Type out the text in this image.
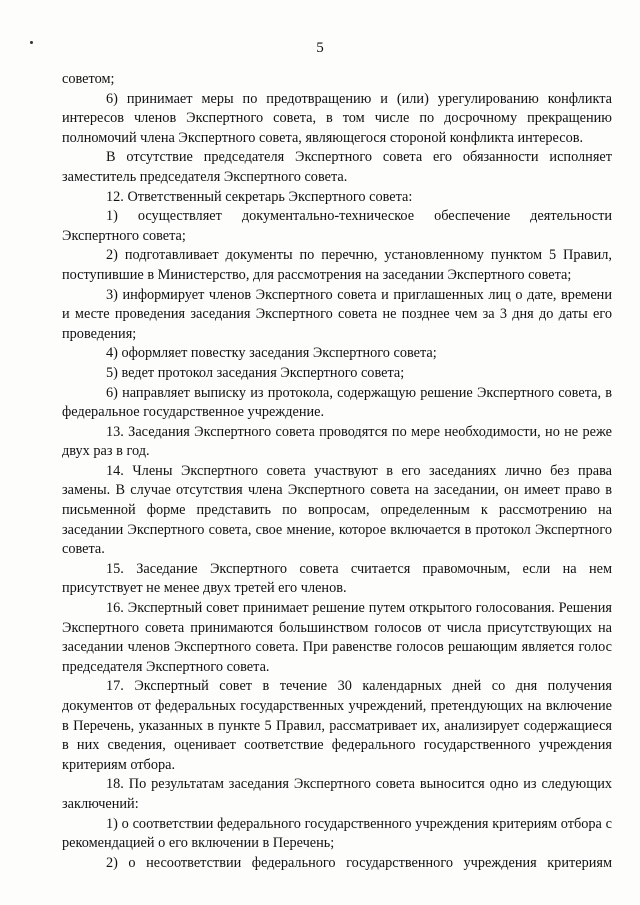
5

советом;

6) принимает меры по предотвращению и (или) урегулированию конфликта интересов членов Экспертного совета, в том числе по досрочному прекращению полномочий члена Экспертного совета, являющегося стороной конфликта интересов.

В отсутствие председателя Экспертного совета его обязанности исполняет заместитель председателя Экспертного совета.

12. Ответственный секретарь Экспертного совета:

1) осуществляет документально-техническое обеспечение деятельности Экспертного совета;

2) подготавливает документы по перечню, установленному пунктом 5 Правил, поступившие в Министерство, для рассмотрения на заседании Экспертного совета;

3) информирует членов Экспертного совета и приглашенных лиц о дате, времени и месте проведения заседания Экспертного совета не позднее чем за 3 дня до даты его проведения;

4) оформляет повестку заседания Экспертного совета;

5) ведет протокол заседания Экспертного совета;

6) направляет выписку из протокола, содержащую решение Экспертного совета, в федеральное государственное учреждение.

13. Заседания Экспертного совета проводятся по мере необходимости, но не реже двух раз в год.

14. Члены Экспертного совета участвуют в его заседаниях лично без права замены. В случае отсутствия члена Экспертного совета на заседании, он имеет право в письменной форме представить по вопросам, определенным к рассмотрению на заседании Экспертного совета, свое мнение, которое включается в протокол Экспертного совета.

15. Заседание Экспертного совета считается правомочным, если на нем присутствует не менее двух третей его членов.

16. Экспертный совет принимает решение путем открытого голосования. Решения Экспертного совета принимаются большинством голосов от числа присутствующих на заседании членов Экспертного совета. При равенстве голосов решающим является голос председателя Экспертного совета.

17. Экспертный совет в течение 30 календарных дней со дня получения документов от федеральных государственных учреждений, претендующих на включение в Перечень, указанных в пункте 5 Правил, рассматривает их, анализирует содержащиеся в них сведения, оценивает соответствие федерального государственного учреждения критериям отбора.

18. По результатам заседания Экспертного совета выносится одно из следующих заключений:

1) о соответствии федерального государственного учреждения критериям отбора с рекомендацией о его включении в Перечень;

2) о несоответствии федерального государственного учреждения критериям
